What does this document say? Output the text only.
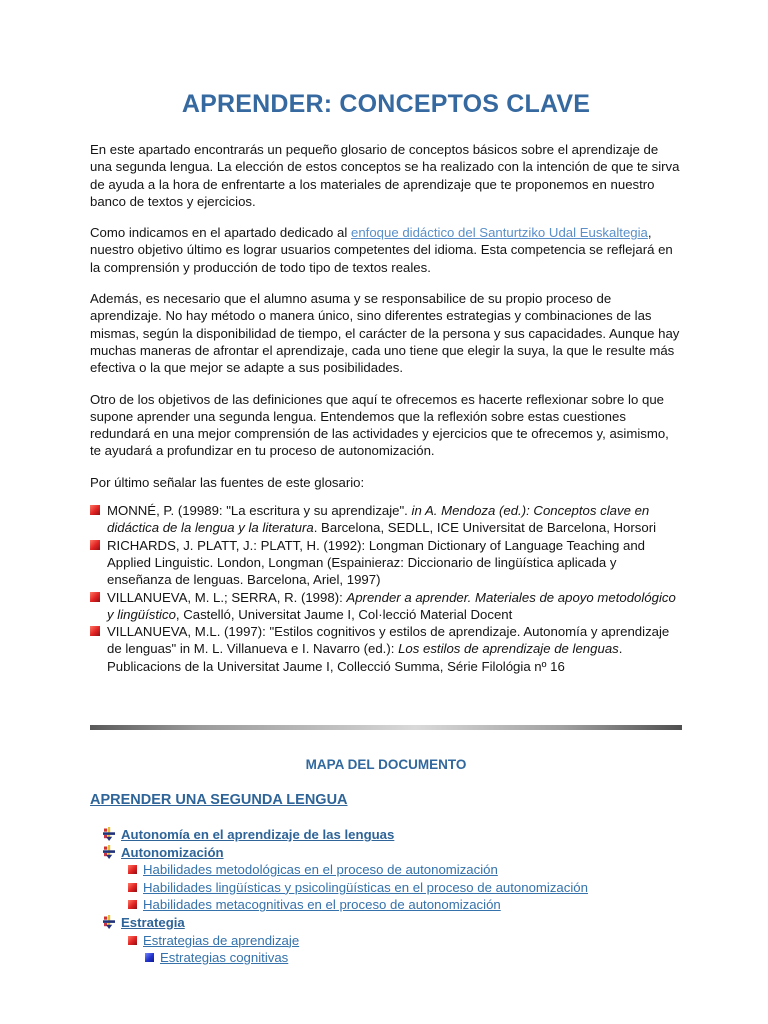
APRENDER: CONCEPTOS CLAVE

En este apartado encontrarás un pequeño glosario de conceptos básicos sobre el aprendizaje de una segunda lengua. La elección de estos conceptos se ha realizado con la intención de que te sirva de ayuda a la hora de enfrentarte a los materiales de aprendizaje que te proponemos en nuestro banco de textos y ejercicios.

Como indicamos en el apartado dedicado al enfoque didáctico del Santurtziko Udal Euskaltegia, nuestro objetivo último es lograr usuarios competentes del idioma. Esta competencia se reflejará en la comprensión y producción de todo tipo de textos reales.

Además, es necesario que el alumno asuma y se responsabilice de su propio proceso de aprendizaje. No hay método o manera único, sino diferentes estrategias y combinaciones de las mismas, según la disponibilidad de tiempo, el carácter de la persona y sus capacidades. Aunque hay muchas maneras de afrontar el aprendizaje, cada uno tiene que elegir la suya, la que le resulte más efectiva o la que mejor se adapte a sus posibilidades.

Otro de los objetivos de las definiciones que aquí te ofrecemos es hacerte reflexionar sobre lo que supone aprender una segunda lengua. Entendemos que la reflexión sobre estas cuestiones redundará en una mejor comprensión de las actividades y ejercicios que te ofrecemos y, asimismo, te ayudará a profundizar en tu proceso de autonomización.

Por último señalar las fuentes de este glosario:

MONNÉ, P. (19989: "La escritura y su aprendizaje". in A. Mendoza (ed.): Conceptos clave en didáctica de la lengua y la literatura. Barcelona, SEDLL, ICE Universitat de Barcelona, Horsori
RICHARDS, J. PLATT, J.: PLATT, H. (1992): Longman Dictionary of Language Teaching and Applied Linguistic. London, Longman (Espainieraz: Diccionario de lingüística aplicada y enseñanza de lenguas. Barcelona, Ariel, 1997)
VILLANUEVA, M. L.; SERRA, R. (1998): Aprender a aprender. Materiales de apoyo metodológico y lingüístico, Castelló, Universitat Jaume I, Col·lecció Material Docent
VILLANUEVA, M.L. (1997): "Estilos cognitivos y estilos de aprendizaje. Autonomía y aprendizaje de lenguas" in M. L. Villanueva e I. Navarro (ed.): Los estilos de aprendizaje de lenguas. Publicacions de la Universitat Jaume I, Collecció Summa, Série Filológia nº 16
MAPA DEL DOCUMENTO
APRENDER UNA SEGUNDA LENGUA
Autonomía en el aprendizaje de las lenguas
Autonomización
Habilidades metodológicas en el proceso de autonomización
Habilidades lingüísticas y psicolingüísticas en el proceso de autonomización
Habilidades metacognitivas en el proceso de autonomización
Estrategia
Estrategias de aprendizaje
Estrategias cognitivas
